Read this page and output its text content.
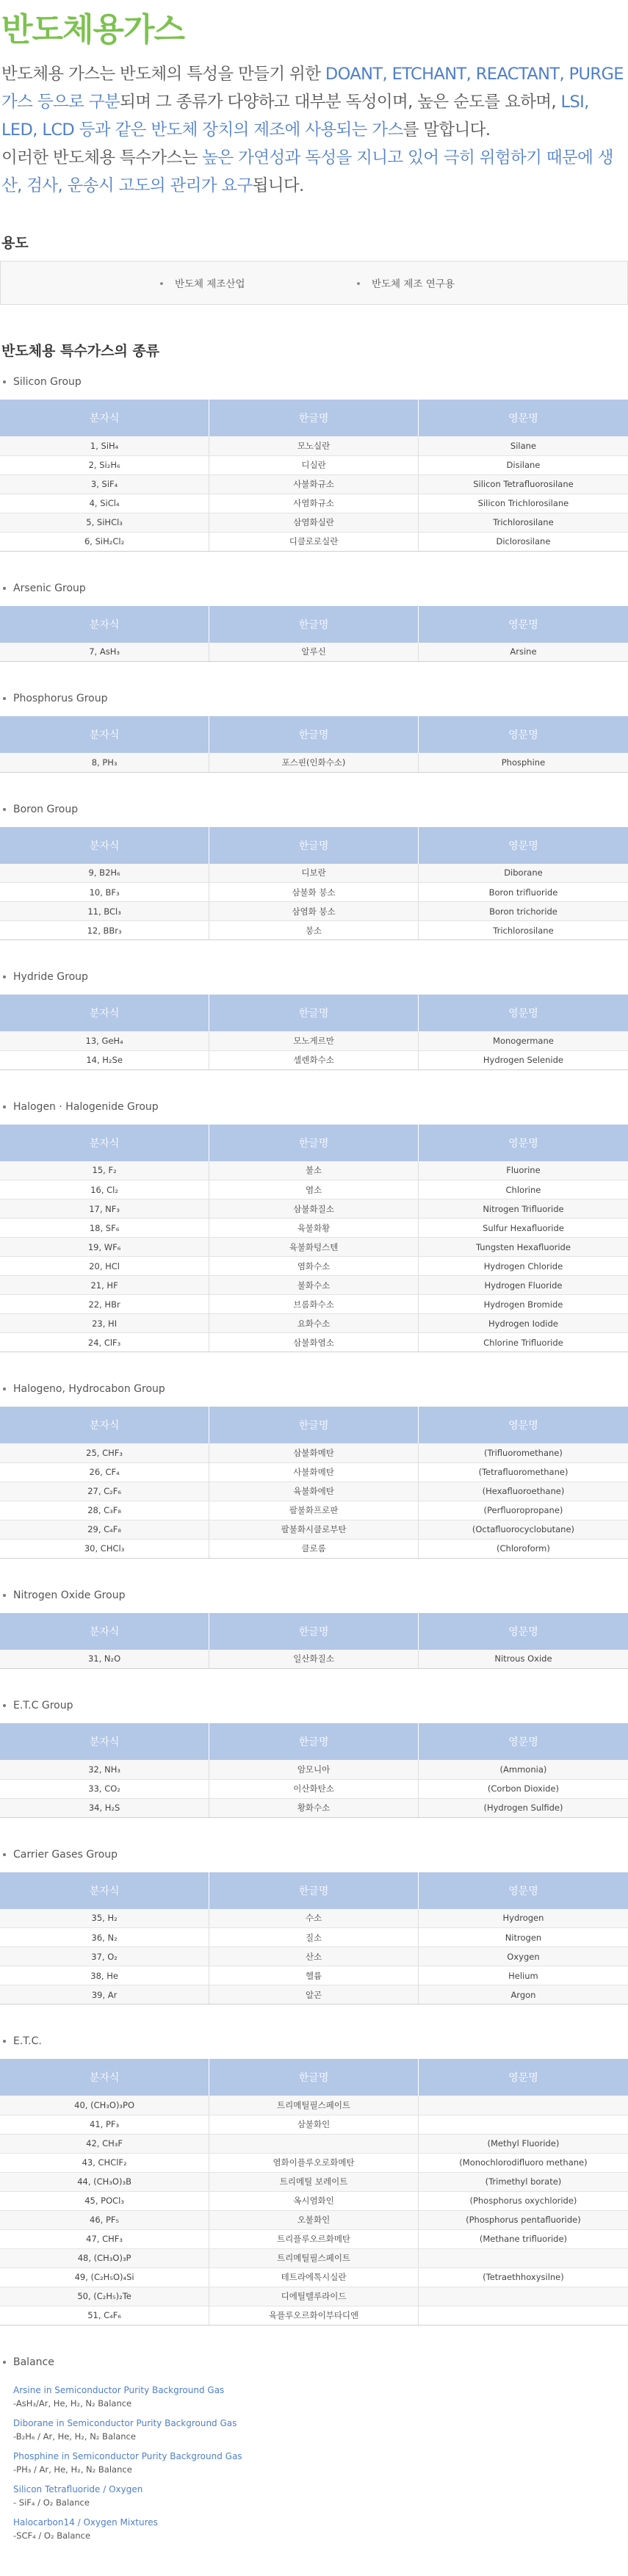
반도체용가스

반도체용 가스는 반도체의 특성을 만들기 위한 DOANT, ETCHANT, REACTANT, PURGE 가스 등으로 구분되며 그 종류가 다양하고 대부분 독성이며, 높은 순도를 요하며, LSI, LED, LCD 등과 같은 반도체 장치의 제조에 사용되는 가스를 말합니다.

이러한 반도체용 특수가스는 높은 가연성과 독성을 지니고 있어 극히 위험하기 때문에 생산, 검사, 운송시 고도의 관리가 요구됩니다.

용도
• 반도체 제조산업	• 반도체 제조 연구용
반도체용 특수가스의 종류
Silicon Group
분자식	한글명	영문명
1, SiH₄	모노실란	Silane
2, Si₂H₆	디실란	Disilane
3, SiF₄	사불화규소	Silicon Tetrafluorosilane
4, SiCl₄	사염화규소	Silicon Trichlorosilane
5, SiHCl₃	삼염화실란	Trichlorosilane
6, SiH₂Cl₂	디클로로실란	Diclorosilane
Arsenic Group
분자식	한글명	영문명
7, AsH₃	알루신	Arsine
Phosphorus Group
분자식	한글명	영문명
8, PH₃	포스핀(인화수소)	Phosphine
Boron Group
분자식	한글명	영문명
9, B2H₆	디보란	Diborane
10, BF₃	삼불화 붕소	Boron trifluoride
11, BCl₃	삼염화 붕소	Boron trichoride
12, BBr₃	붕소	Trichlorosilane
Hydride Group
분자식	한글명	영문명
13, GeH₄	모노게르만	Monogermane
14, H₂Se	셀렌화수소	Hydrogen Selenide
Halogen · Halogenide Group
분자식	한글명	영문명
15, F₂	불소	Fluorine
16, Cl₂	염소	Chlorine
17, NF₃	삼불화질소	Nitrogen Trifluoride
18, SF₆	육불화황	Sulfur Hexafluoride
19, WF₆	육불화텅스텐	Tungsten Hexafluoride
20, HCl	염화수소	Hydrogen Chloride
21, HF	불화수소	Hydrogen Fluoride
22, HBr	브롬화수소	Hydrogen Bromide
23, HI	요화수소	Hydrogen Iodide
24, ClF₃	삼불화염소	Chlorine Trifluoride
Halogeno, Hydrocabon Group
분자식	한글명	영문명
25, CHF₃	삼불화메탄	(Trifluoromethane)
26, CF₄	사불화메탄	(Tetrafluoromethane)
27, C₂F₆	육불화에탄	(Hexafluoroethane)
28, C₃F₈	팔불화프로판	(Perfluoropropane)
29, C₄F₈	팔불화시클로부탄	(Octafluorocyclobutane)
30, CHCl₃	클로롬	(Chloroform)
Nitrogen Oxide Group
분자식	한글명	영문명
31, N₂O	일산화질소	Nitrous Oxide
E.T.C Group
분자식	한글명	영문명
32, NH₃	암모니아	(Ammonia)
33, CO₂	이산화탄소	(Corbon Dioxide)
34, H₂S	황화수소	(Hydrogen Sulfide)
Carrier Gases Group
분자식	한글명	영문명
35, H₂	수소	Hydrogen
36, N₂	질소	Nitrogen
37, O₂	산소	Oxygen
38, He	헬륨	Helium
39, Ar	알곤	Argon
E.T.C.
분자식	한글명	영문명
40, (CH₃O)₃PO	트리메틸필스페이트	
41, PF₃	삼불화인	
42, CH₃F		(Methyl Fluoride)
43, CHClF₂	염화이플루오로화메탄	(Monochlorodifluoro methane)
44, (CH₃O)₃B	트리메틸 보레이트	(Trimethyl borate)
45, POCl₃	옥시염화인	(Phosphorus oxychloride)
46, PF₅	오불화인	(Phosphorus pentafluoride)
47, CHF₃	트리플루오르화메탄	(Methane trifluoride)
48, (CH₃O)₃P	트리메틸필스페이트	
49, (C₂H₅O)₄Si	테트라에톡시실란	(Tetraethhoxysilne)
50, (C₂H₅)₂Te	디에틸텔루라이드	
51, C₄F₆	육플루오르화이부타디엔	
Balance
Arsine in Semiconductor Purity Background Gas
-AsH₃/Ar, He, H₂, N₂ Balance
Diborane in Semiconductor Purity Background Gas
-B₂H₆ / Ar, He, H₂, N₂ Balance
Phosphine in Semiconductor Purity Background Gas
-PH₃ / Ar, He, H₂, N₂ Balance
Silicon Tetrafluoride / Oxygen
- SiF₄ / O₂ Balance
Halocarbon14 / Oxygen Mixtures
-SCF₄ / O₂ Balance
